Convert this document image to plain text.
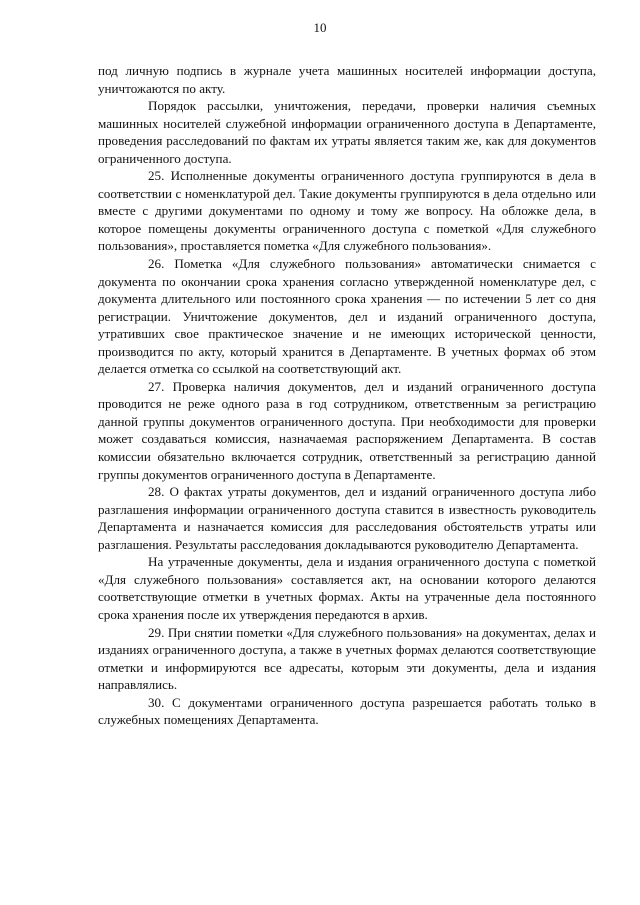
10

под личную подпись в журнале учета машинных носителей информации доступа, уничтожаются по акту.

Порядок рассылки, уничтожения, передачи, проверки наличия съемных машинных носителей служебной информации ограниченного доступа в Департаменте, проведения расследований по фактам их утраты является таким же, как для документов ограниченного доступа.

25. Исполненные документы ограниченного доступа группируются в дела в соответствии с номенклатурой дел. Такие документы группируются в дела отдельно или вместе с другими документами по одному и тому же вопросу. На обложке дела, в которое помещены документы ограниченного доступа с пометкой «Для служебного пользования», проставляется пометка «Для служебного пользования».

26. Пометка «Для служебного пользования» автоматически снимается с документа по окончании срока хранения согласно утвержденной номенклатуре дел, с документа длительного или постоянного срока хранения — по истечении 5 лет со дня регистрации. Уничтожение документов, дел и изданий ограниченного доступа, утративших свое практическое значение и не имеющих исторической ценности, производится по акту, который хранится в Департаменте. В учетных формах об этом делается отметка со ссылкой на соответствующий акт.

27. Проверка наличия документов, дел и изданий ограниченного доступа проводится не реже одного раза в год сотрудником, ответственным за регистрацию данной группы документов ограниченного доступа. При необходимости для проверки может создаваться комиссия, назначаемая распоряжением Департамента. В состав комиссии обязательно включается сотрудник, ответственный за регистрацию данной группы документов ограниченного доступа в Департаменте.

28. О фактах утраты документов, дел и изданий ограниченного доступа либо разглашения информации ограниченного доступа ставится в известность руководитель Департамента и назначается комиссия для расследования обстоятельств утраты или разглашения. Результаты расследования докладываются руководителю Департамента.

На утраченные документы, дела и издания ограниченного доступа с пометкой «Для служебного пользования» составляется акт, на основании которого делаются соответствующие отметки в учетных формах. Акты на утраченные дела постоянного срока хранения после их утверждения передаются в архив.

29. При снятии пометки «Для служебного пользования» на документах, делах и изданиях ограниченного доступа, а также в учетных формах делаются соответствующие отметки и информируются все адресаты, которым эти документы, дела и издания направлялись.

30. С документами ограниченного доступа разрешается работать только в служебных помещениях Департамента.
